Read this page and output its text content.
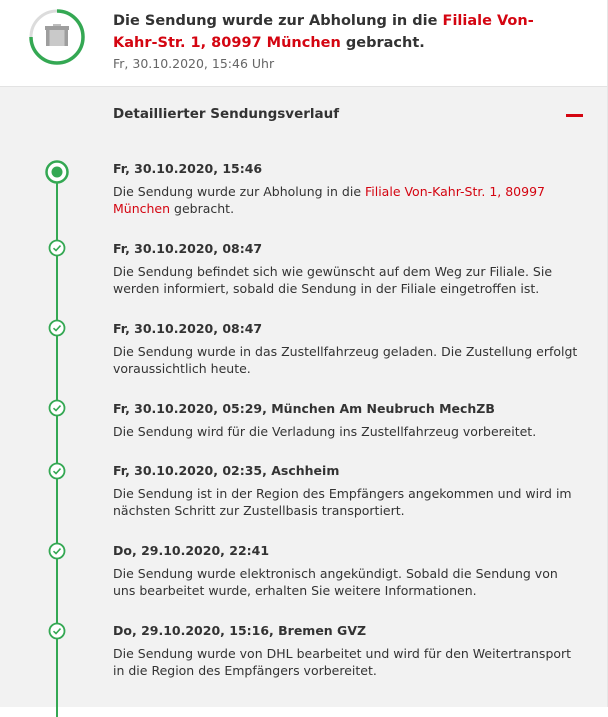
Die Sendung wurde zur Abholung in die Filiale Von-Kahr-Str. 1, 80997 München gebracht.
Fr, 30.10.2020, 15:46 Uhr
Detaillierter Sendungsverlauf
Fr, 30.10.2020, 15:46
Die Sendung wurde zur Abholung in die Filiale Von-Kahr-Str. 1, 80997 München gebracht.
Fr, 30.10.2020, 08:47
Die Sendung befindet sich wie gewünscht auf dem Weg zur Filiale. Sie werden informiert, sobald die Sendung in der Filiale eingetroffen ist.
Fr, 30.10.2020, 08:47
Die Sendung wurde in das Zustellfahrzeug geladen. Die Zustellung erfolgt voraussichtlich heute.
Fr, 30.10.2020, 05:29, München Am Neubruch MechZB
Die Sendung wird für die Verladung ins Zustellfahrzeug vorbereitet.
Fr, 30.10.2020, 02:35, Aschheim
Die Sendung ist in der Region des Empfängers angekommen und wird im nächsten Schritt zur Zustellbasis transportiert.
Do, 29.10.2020, 22:41
Die Sendung wurde elektronisch angekündigt. Sobald die Sendung von uns bearbeitet wurde, erhalten Sie weitere Informationen.
Do, 29.10.2020, 15:16, Bremen GVZ
Die Sendung wurde von DHL bearbeitet und wird für den Weitertransport in die Region des Empfängers vorbereitet.
